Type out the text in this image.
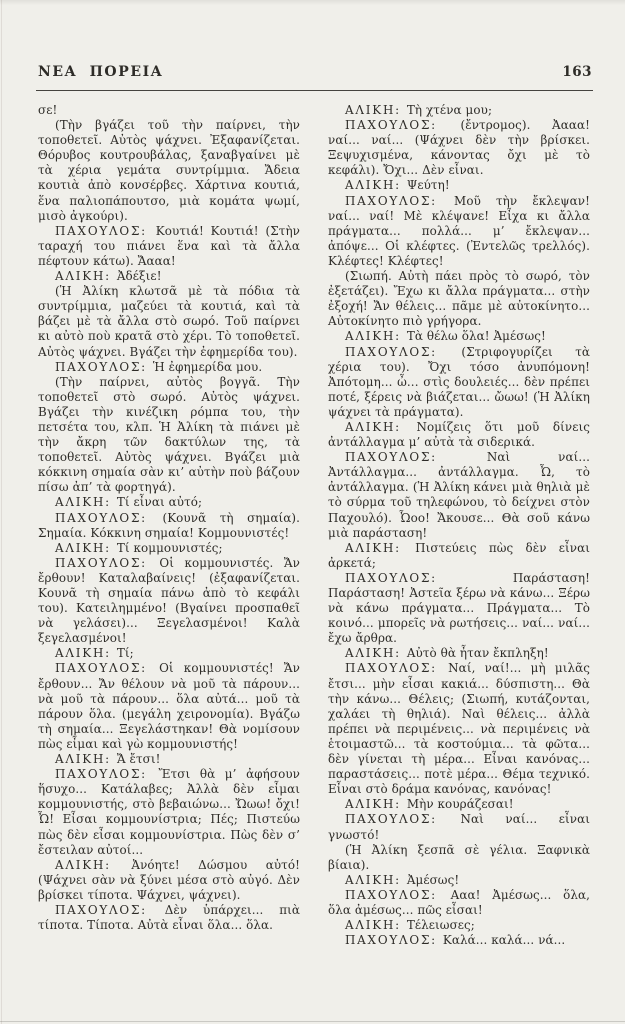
ΝΕΑ ΠΟΡΕΙΑ	163

σε!

(Τὴν βγάζει τοῦ τὴν παίρνει, τὴν τοποθετεῖ. Αὐτὸς ψάχνει. Ἐξαφανίζεται. Θόρυβος κουτρουβάλας, ξαναβγαίνει μὲ τὰ χέρια γεμάτα συντρίμμια. Ἄδεια κουτιὰ ἀπὸ κονσέρβες. Χάρτινα κουτιά, ἕνα παλιοπάπουτσο, μιὰ κομάτα ψωμί, μισὸ ἀγκούρι).

ΠΑΧΟΥΛΟΣ: Κουτιά! Κουτιά! (Στὴν ταραχή του πιάνει ἕνα καὶ τὰ ἄλλα πέφτουν κάτω). Ἄααα!

ΑΛΙΚΗ: Ἀδέξιε!

(Ἡ Ἀλίκη κλωτσᾶ μὲ τὰ πόδια τὰ συντρίμμια, μαζεύει τὰ κουτιά, καὶ τὰ βάζει μὲ τὰ ἄλλα στὸ σωρό. Τοῦ παίρνει κι αὐτὸ ποὺ κρατᾶ στὸ χέρι. Τὸ τοποθετεῖ. Αὐτὸς ψάχνει. Βγάζει τὴν ἐφημερίδα του).

ΠΑΧΟΥΛΟΣ: Ἡ ἐφημερίδα μου.

(Τὴν παίρνει, αὐτὸς βογγᾶ. Τὴν τοποθετεῖ στὸ σωρό. Αὐτὸς ψάχνει. Βγάζει τὴν κινέζικη ρόμπα του, τὴν πετσέτα του, κλπ. Ἡ Ἀλίκη τὰ πιάνει μὲ τὴν ἄκρη τῶν δακτύλων της, τὰ τοποθετεῖ. Αὐτὸς ψάχνει. Βγάζει μιὰ κόκκινη σημαία σὰν κι’ αὐτὴν ποὺ βάζουν πίσω ἀπ’ τὰ φορτηγά).

ΑΛΙΚΗ: Τί εἶναι αὐτό;

ΠΑΧΟΥΛΟΣ: (Κουνᾶ τὴ σημαία). Σημαία. Κόκκινη σημαία! Κομμουνιστές!

ΑΛΙΚΗ: Τί κομμουνιστές;

ΠΑΧΟΥΛΟΣ: Οἱ κομμουνιστές. Ἄν ἔρθουν! Καταλαβαίνεις! (ἐξαφανίζεται. Κουνᾶ τὴ σημαία πάνω ἀπὸ τὸ κεφάλι του). Κατειλημμένο! (Βγαίνει προσπαθεῖ νὰ γελάσει)... Ξεγελασμένοι! Καλὰ ξεγελασμένοι!

ΑΛΙΚΗ: Τί;

ΠΑΧΟΥΛΟΣ: Οἱ κομμουνιστές! Ἄν ἔρθουν... Ἄν θέλουν νὰ μοῦ τὰ πάρουν... νὰ μοῦ τὰ πάρουν... ὅλα αὐτά... μοῦ τὰ πάρουν ὅλα. (μεγάλη χειρονομία). Βγάζω τὴ σημαία... Ξεγελάστηκαν! Θὰ νομίσουν πὼς εἶμαι καὶ γὼ κομμουνιστής!

ΑΛΙΚΗ: Ἄ ἔτσι!

ΠΑΧΟΥΛΟΣ: Ἔτσι θὰ μ’ ἀφήσουν ἥσυχο... Κατάλαβες; Ἀλλὰ δὲν εἶμαι κομμουνιστής, στὸ βεβαιώνω... Ὤωω! ὄχι! Ὦ! Εἶσαι κομμουνίστρια; Πές; Πιστεύω πὼς δὲν εἶσαι κομμουνίστρια. Πὼς δὲν σ’ ἔστειλαν αὐτοί...

ΑΛΙΚΗ: Ἀνόητε! Δώσμου αὐτό! (Ψάχνει σὰν νὰ ξύνει μέσα στὸ αὐγό. Δὲν βρίσκει τίποτα. Ψάχνει, ψάχνει).

ΠΑΧΟΥΛΟΣ: Δὲν ὑπάρχει... πιὰ τίποτα. Τίποτα. Αὐτὰ εἶναι ὅλα... ὅλα.

ΑΛΙΚΗ: Τὴ χτένα μου;

ΠΑΧΟΥΛΟΣ: (ἔντρομος). Ἀααα! ναί... ναί... (Ψάχνει δὲν τὴν βρίσκει. Ξεψυχισμένα, κάνοντας ὄχι μὲ τὸ κεφάλι). Ὄχι... Δὲν εἶναι.

ΑΛΙΚΗ: Ψεύτη!

ΠΑΧΟΥΛΟΣ: Μοῦ τὴν ἔκλεψαν! ναί... ναί! Μὲ κλέψανε! Εἶχα κι ἄλλα πράγματα... πολλά... μ’ ἔκλεψαν... ἀπόψε... Οἱ κλέφτες. (Ἐντελῶς τρελλός). Κλέφτες! Κλέφτες!

(Σιωπή. Αὐτὴ πάει πρὸς τὸ σωρό, τὸν ἐξετάζει). Ἔχω κι ἄλλα πράγματα... στὴν ἐξοχή! Ἄν θέλεις... πᾶμε μὲ αὐτοκίνητο... Αὐτοκίνητο πιὸ γρήγορα.

ΑΛΙΚΗ: Τὰ θέλω ὅλα! Ἀμέσως!

ΠΑΧΟΥΛΟΣ: (Στριφογυρίζει τὰ χέρια του). Ὄχι τόσο ἀνυπόμονη! Ἀπότομη... ὦ... στὶς δουλειές... δὲν πρέπει ποτέ, ξέρεις νὰ βιάζεται... ὤωω! (Ἡ Ἀλίκη ψάχνει τὰ πράγματα).

ΑΛΙΚΗ: Νομίζεις ὅτι μοῦ δίνεις ἀντάλλαγμα μ’ αὐτὰ τὰ σιδερικά.

ΠΑΧΟΥΛΟΣ: Ναὶ ναί... Ἀντάλλαγμα... ἀντάλλαγμα. Ὦ, τὸ ἀντάλλαγμα. (Ἡ Ἀλίκη κάνει μιὰ θηλιὰ μὲ τὸ σύρμα τοῦ τηλεφώνου, τὸ δείχνει στὸν Παχουλό). Ὦοο! Ἄκουσε... Θὰ σοῦ κάνω μιὰ παράσταση!

ΑΛΙΚΗ: Πιστεύεις πὼς δὲν εἶναι ἀρκετά;

ΠΑΧΟΥΛΟΣ: Παράσταση! Παράσταση! Ἀστεῖα ξέρω νὰ κάνω... Ξέρω νὰ κάνω πράγματα... Πράγματα... Τὸ κοινό... μπορεῖς νὰ ρωτήσεις... ναί... ναί... ἔχω ἄρθρα.

ΑΛΙΚΗ: Αὐτὸ θὰ ἦταν ἔκπληξη!

ΠΑΧΟΥΛΟΣ: Ναί, ναί!... μὴ μιλᾶς ἔτσι... μὴν εἶσαι κακιά... δύσπιστη... Θὰ τὴν κάνω... Θέλεις; (Σιωπή, κυτάζονται, χαλάει τὴ θηλιά). Ναὶ θέλεις... ἀλλὰ πρέπει νὰ περιμένεις... νὰ περιμένεις νὰ ἑτοιμαστῶ... τὰ κοστούμια... τὰ φῶτα... δὲν γίνεται τὴ μέρα... Εἶναι κανόνας... παραστάσεις... ποτὲ μέρα... Θέμα τεχνικό. Εἶναι στὸ δράμα κανόνας, κανόνας!

ΑΛΙΚΗ: Μὴν κουράζεσαι!

ΠΑΧΟΥΛΟΣ: Ναὶ ναί... εἶναι γνωστό!

(Ἡ Ἀλίκη ξεσπᾶ σὲ γέλια. Ξαφνικὰ βίαια).

ΑΛΙΚΗ: Ἀμέσως!

ΠΑΧΟΥΛΟΣ: Ααα! Ἀμέσως... ὅλα, ὅλα ἀμέσως... πῶς εἶσαι!

ΑΛΙΚΗ: Τέλειωσες;

ΠΑΧΟΥΛΟΣ: Καλά... καλά... νά...
